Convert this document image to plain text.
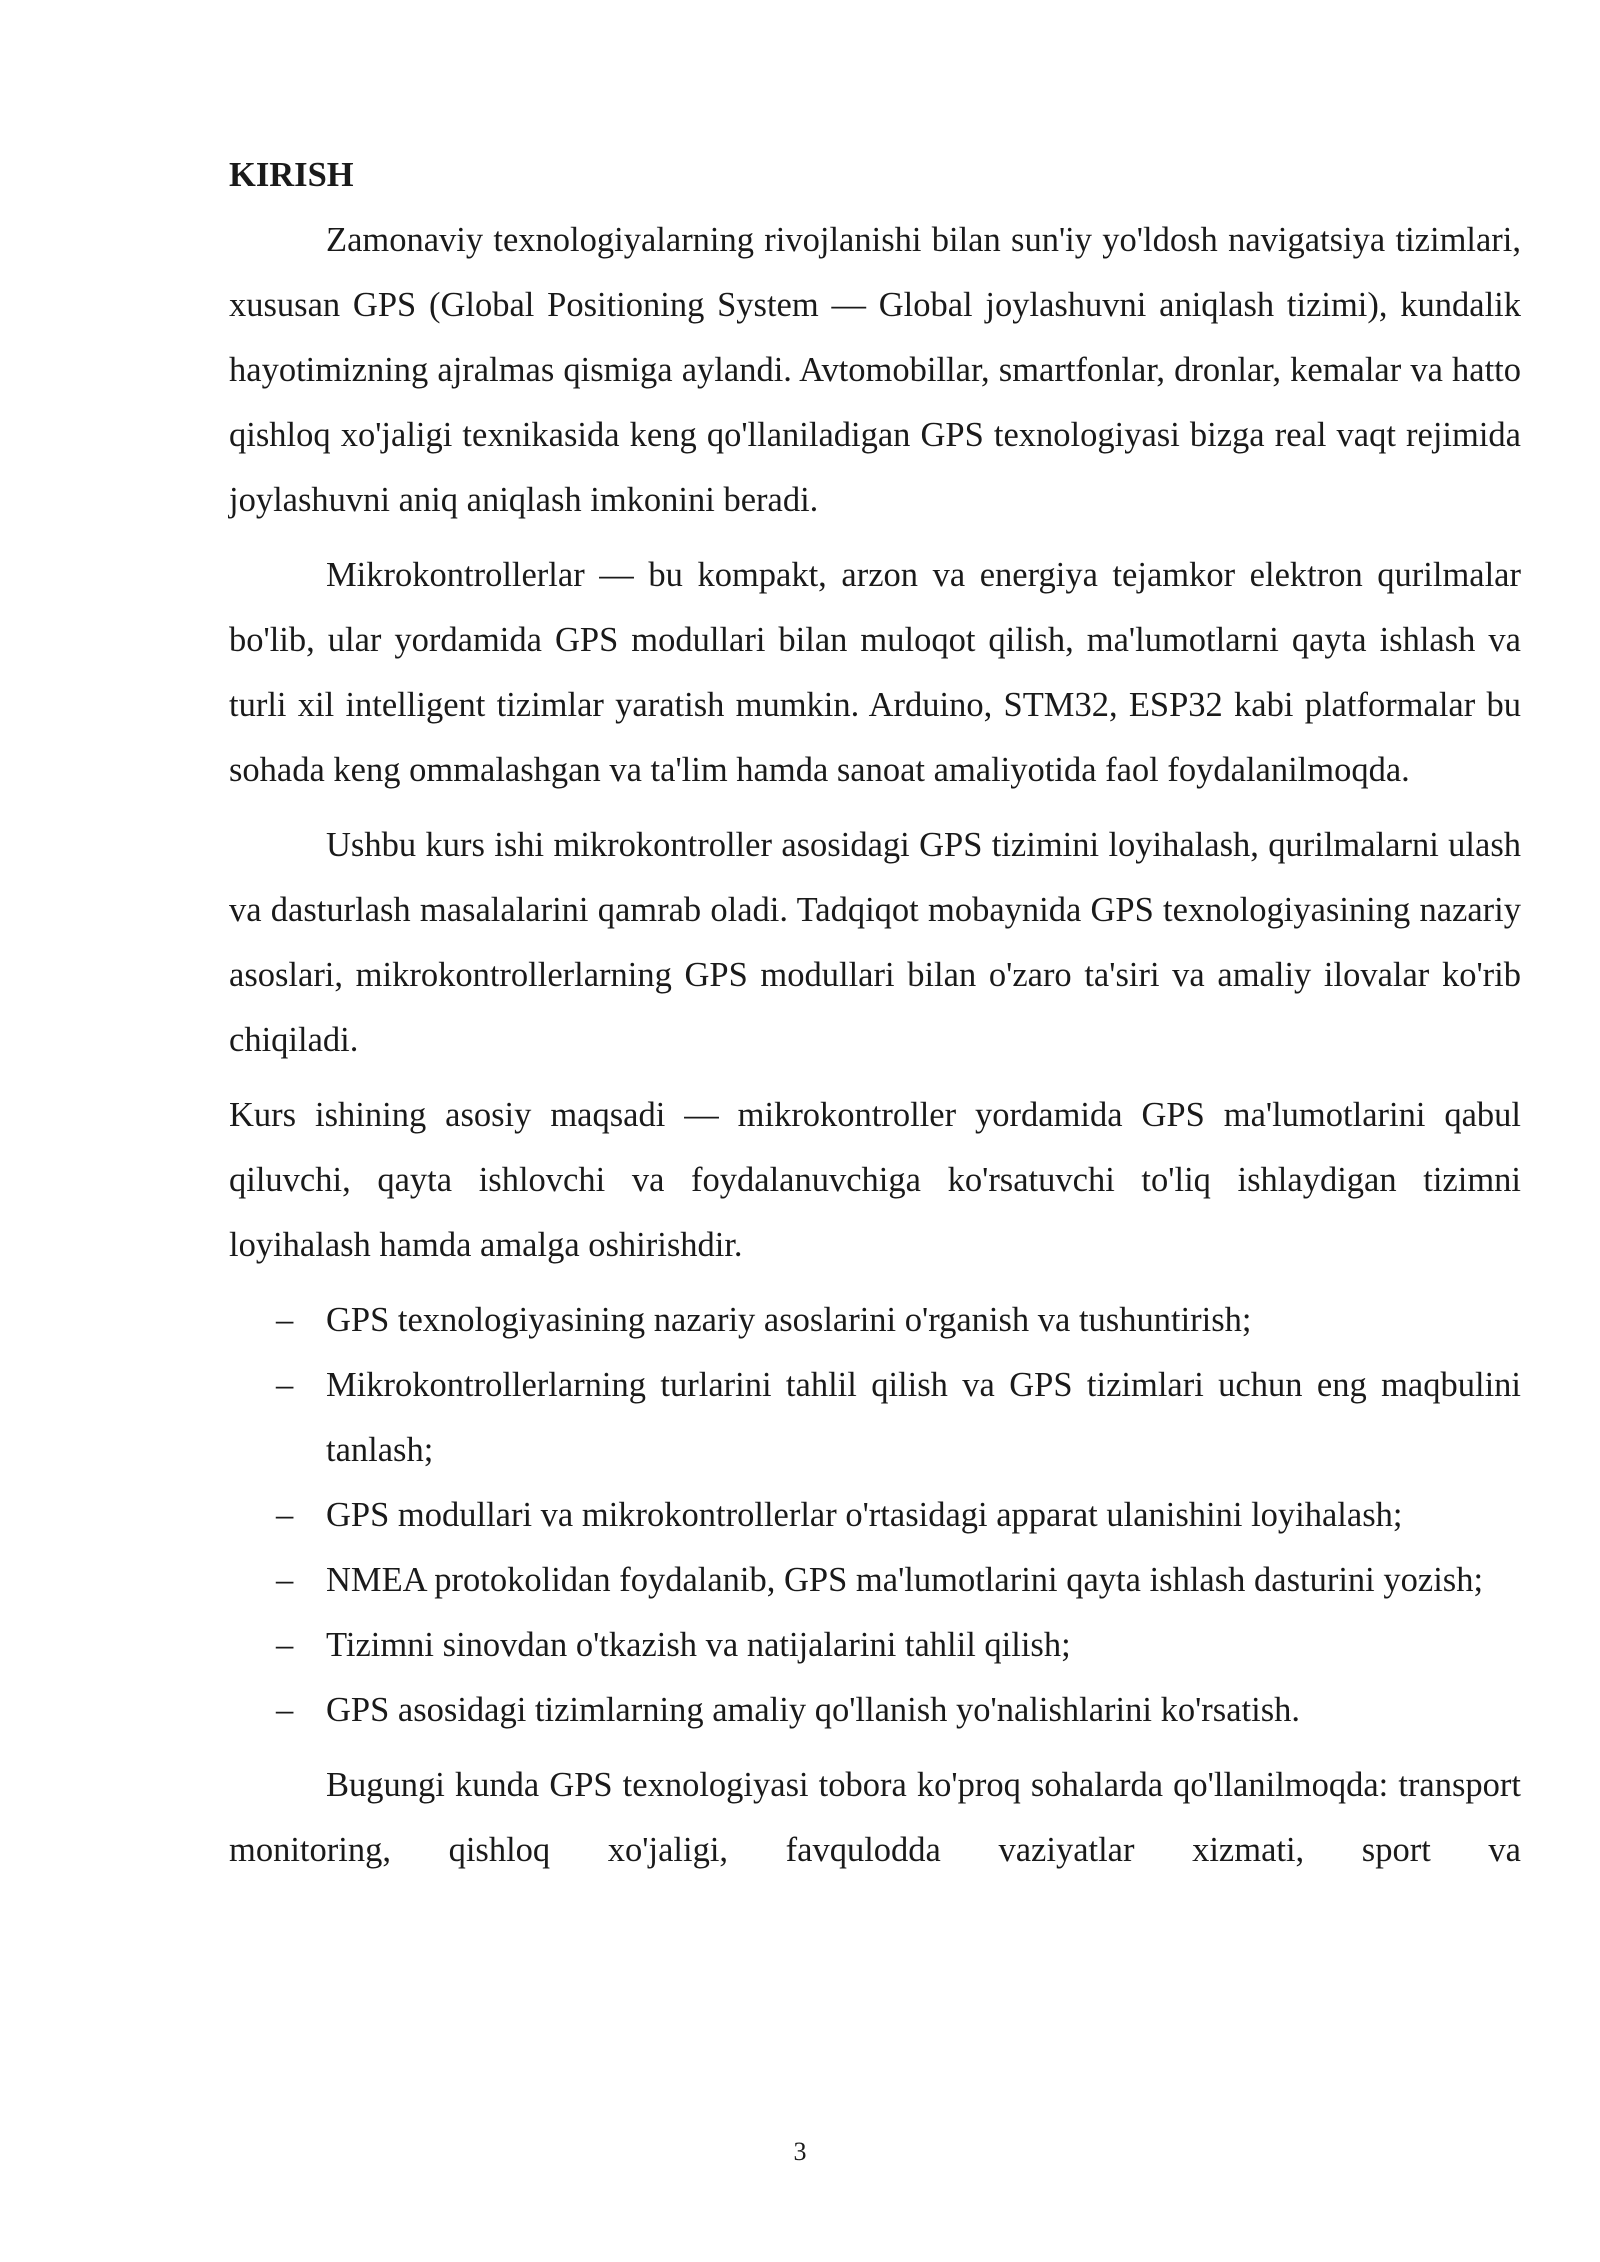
KIRISH

Zamonaviy texnologiyalarning rivojlanishi bilan sun'iy yo'ldosh navigatsiya tizimlari, xususan GPS (Global Positioning System — Global joylashuvni aniqlash tizimi), kundalik hayotimizning ajralmas qismiga aylandi. Avtomobillar, smartfonlar, dronlar, kemalar va hatto qishloq xo'jaligi texnikasida keng qo'llaniladigan GPS texnologiyasi bizga real vaqt rejimida joylashuvni aniq aniqlash imkonini beradi.

Mikrokontrollerlar — bu kompakt, arzon va energiya tejamkor elektron qurilmalar bo'lib, ular yordamida GPS modullari bilan muloqot qilish, ma'lumotlarni qayta ishlash va turli xil intelligent tizimlar yaratish mumkin. Arduino, STM32, ESP32 kabi platformalar bu sohada keng ommalashgan va ta'lim hamda sanoat amaliyotida faol foydalanilmoqda.

Ushbu kurs ishi mikrokontroller asosidagi GPS tizimini loyihalash, qurilmalarni ulash va dasturlash masalalarini qamrab oladi. Tadqiqot mobaynida GPS texnologiyasining nazariy asoslari, mikrokontrollerlarning GPS modullari bilan o'zaro ta'siri va amaliy ilovalar ko'rib chiqiladi.

Kurs ishining asosiy maqsadi — mikrokontroller yordamida GPS ma'lumotlarini qabul qiluvchi, qayta ishlovchi va foydalanuvchiga ko'rsatuvchi to'liq ishlaydigan tizimni loyihalash hamda amalga oshirishdir.

– GPS texnologiyasining nazariy asoslarini o'rganish va tushuntirish;
– Mikrokontrollerlarning turlarini tahlil qilish va GPS tizimlari uchun eng maqbulini tanlash;
– GPS modullari va mikrokontrollerlar o'rtasidagi apparat ulanishini loyihalash;
– NMEA protokolidan foydalanib, GPS ma'lumotlarini qayta ishlash dasturini yozish;
– Tizimni sinovdan o'tkazish va natijalarini tahlil qilish;
– GPS asosidagi tizimlarning amaliy qo'llanish yo'nalishlarini ko'rsatish.

Bugungi kunda GPS texnologiyasi tobora ko'proq sohalarda qo'llanilmoqda: transport monitoring, qishloq xo'jaligi, favqulodda vaziyatlar xizmati, sport va

3
